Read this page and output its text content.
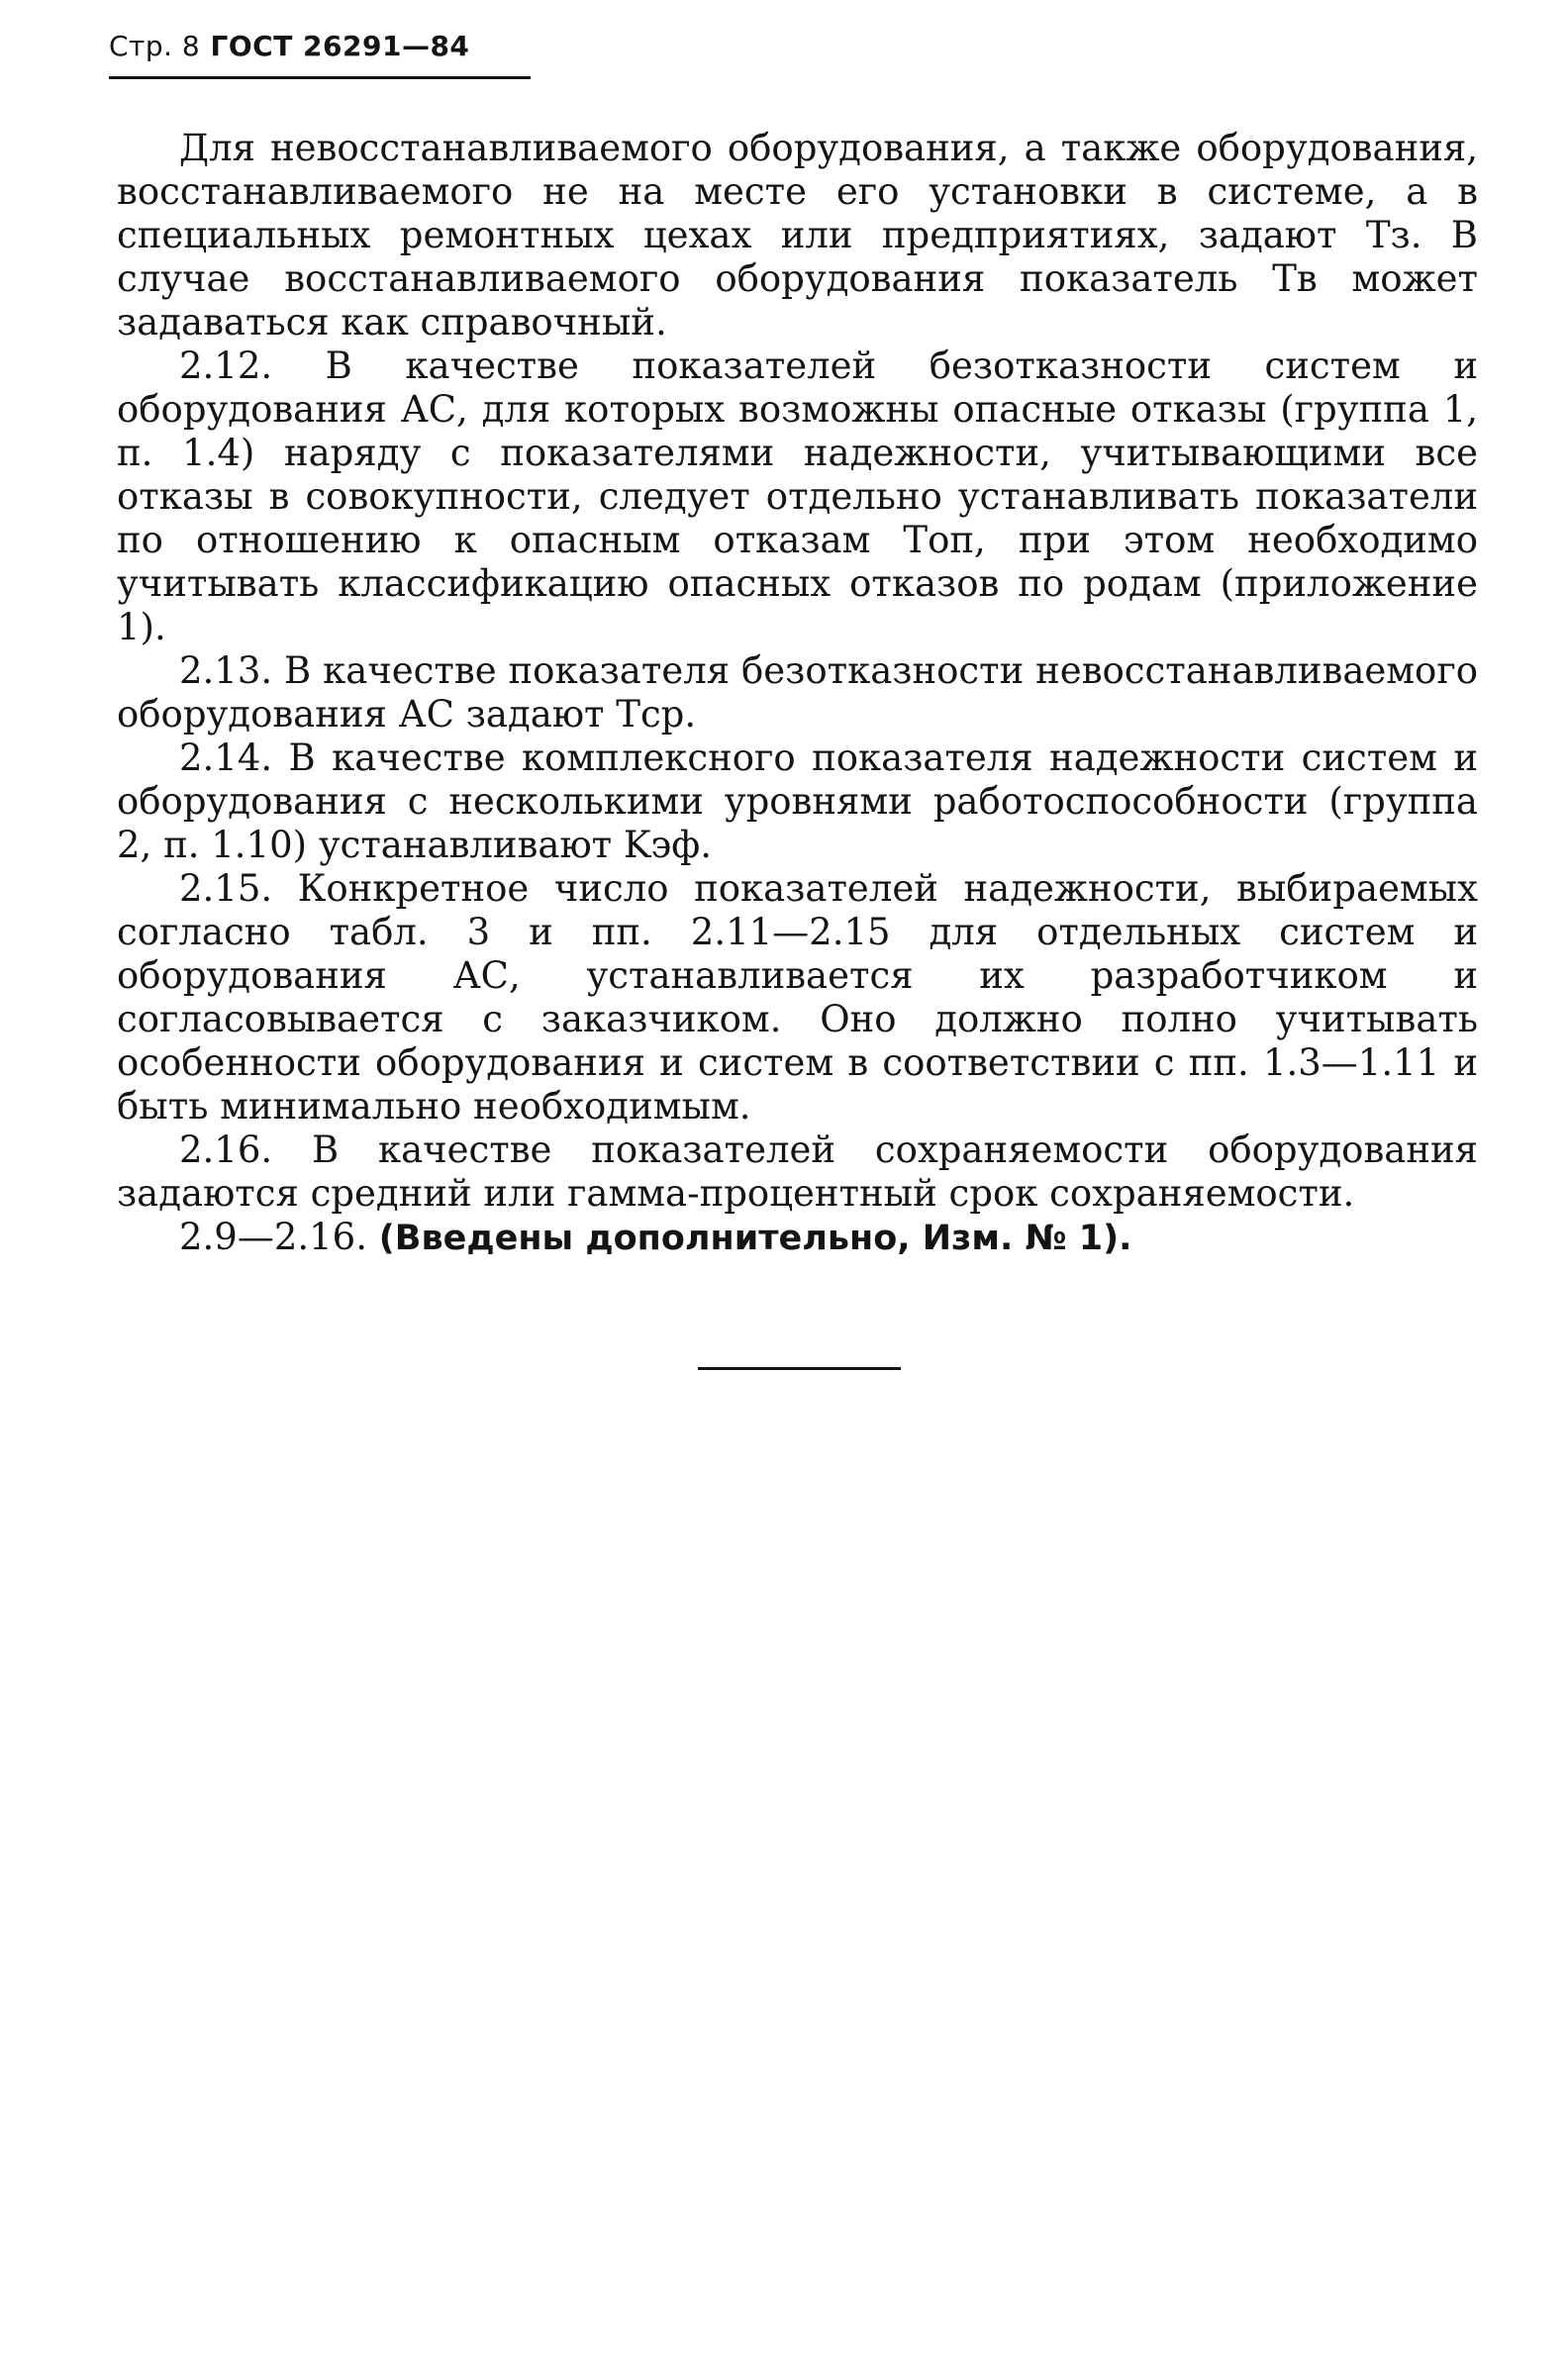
Стр. 8 ГОСТ 26291—84

Для невосстанавливаемого оборудования, а также оборудования, восстанавливаемого не на месте его установки в системе, а в специальных ремонтных цехах или предприятиях, задают Tз. В случае восстанавливаемого оборудования показатель Tв может задаваться как справочный.

2.12. В качестве показателей безотказности систем и оборудования АС, для которых возможны опасные отказы (группа 1, п. 1.4) наряду с показателями надежности, учитывающими все отказы в совокупности, следует отдельно устанавливать показатели по отношению к опасным отказам Tоп, при этом необходимо учитывать классификацию опасных отказов по родам (приложение 1).

2.13. В качестве показателя безотказности невосстанавливаемого оборудования АС задают Tср.

2.14. В качестве комплексного показателя надежности систем и оборудования с несколькими уровнями работоспособности (группа 2, п. 1.10) устанавливают Kэф.

2.15. Конкретное число показателей надежности, выбираемых согласно табл. 3 и пп. 2.11—2.15 для отдельных систем и оборудования АС, устанавливается их разработчиком и согласовывается с заказчиком. Оно должно полно учитывать особенности оборудования и систем в соответствии с пп. 1.3—1.11 и быть минимально необходимым.

2.16. В качестве показателей сохраняемости оборудования задаются средний или гамма-процентный срок сохраняемости.

2.9—2.16. (Введены дополнительно, Изм. № 1).
